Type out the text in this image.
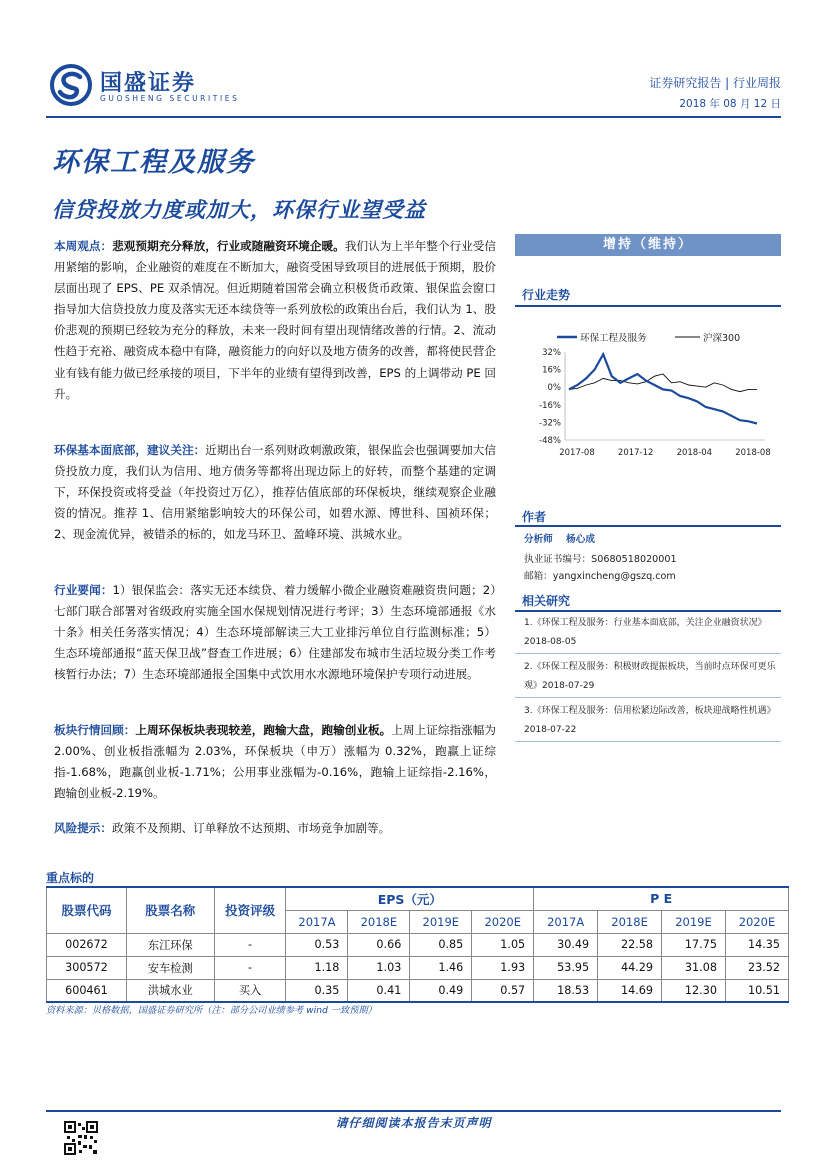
国盛证券
GUOSHENG SECURITIES
证券研究报告 | 行业周报
2018 年 08 月 12 日
环保工程及服务
信贷投放力度或加大，环保行业望受益
本周观点：悲观预期充分释放，行业或随融资环境企暖。我们认为上半年整个行业受信用紧缩的影响，企业融资的难度在不断加大，融资受困导致项目的进展低于预期，股价层面出现了 EPS、PE 双杀情况。但近期随着国常会确立积极货币政策、银保监会窗口指导加大信贷投放力度及落实无还本续贷等一系列放松的政策出台后，我们认为 1、股价悲观的预期已经较为充分的释放，未来一段时间有望出现情绪改善的行情。2、流动性趋于充裕、融资成本稳中有降，融资能力的向好以及地方债务的改善，都将使民营企业有钱有能力做已经承接的项目，下半年的业绩有望得到改善，EPS 的上调带动 PE 回升。
环保基本面底部，建议关注：近期出台一系列财政刺激政策，银保监会也强调要加大信贷投放力度，我们认为信用、地方债务等都将出现边际上的好转，而整个基建的定调下，环保投资或将受益（年投资过万亿），推荐估值底部的环保板块，继续观察企业融资的情况。推荐 1、信用紧缩影响较大的环保公司，如碧水源、博世科、国祯环保；2、现金流优异，被错杀的标的，如龙马环卫、盈峰环境、洪城水业。
行业要闻：1）银保监会：落实无还本续贷、着力缓解小微企业融资难融资贵问题；2）七部门联合部署对省级政府实施全国水保规划情况进行考评；3）生态环境部通报《水十条》相关任务落实情况；4）生态环境部解读三大工业排污单位自行监测标准；5）生态环境部通报“蓝天保卫战”督查工作进展；6）住建部发布城市生活垃圾分类工作考核暂行办法；7）生态环境部通报全国集中式饮用水水源地环境保护专项行动进展。
板块行情回顾：上周环保板块表现较差，跑输大盘，跑输创业板。上周上证综指涨幅为 2.00%、创业板指涨幅为 2.03%，环保板块（申万）涨幅为 0.32%，跑赢上证综指-1.68%，跑赢创业板-1.71%；公用事业涨幅为-0.16%，跑输上证综指-2.16%，跑输创业板-2.19%。
风险提示：政策不及预期、订单释放不达预期、市场竞争加剧等。
增持（维持）
行业走势
环保工程及服务	沪深300
32%
16%
0%
-16%
-32%
-48%
2017-08	2017-12	2018-04	2018-08
作者
分析师 杨心成
执业证书编号：S0680518020001
邮箱：yangxincheng@gszq.com
相关研究
1.《环保工程及服务：行业基本面底部，关注企业融资状况》2018-08-05
2.《环保工程及服务：积极财政提振板块，当前时点环保可更乐观》2018-07-29
3.《环保工程及服务：信用松紧边际改善，板块迎战略性机遇》2018-07-22
重点标的
股票代码	股票名称	投资评级	EPS（元）				P E			
			2017A	2018E	2019E	2020E	2017A	2018E	2019E	2020E
002672	东江环保	-	0.53	0.66	0.85	1.05	30.49	22.58	17.75	14.35
300572	安车检测	-	1.18	1.03	1.46	1.93	53.95	44.29	31.08	23.52
600461	洪城水业	买入	0.35	0.41	0.49	0.57	18.53	14.69	12.30	10.51
资料来源：贝格数据，国盛证券研究所（注：部分公司业绩参考 wind 一致预期）
请仔细阅读本报告末页声明
